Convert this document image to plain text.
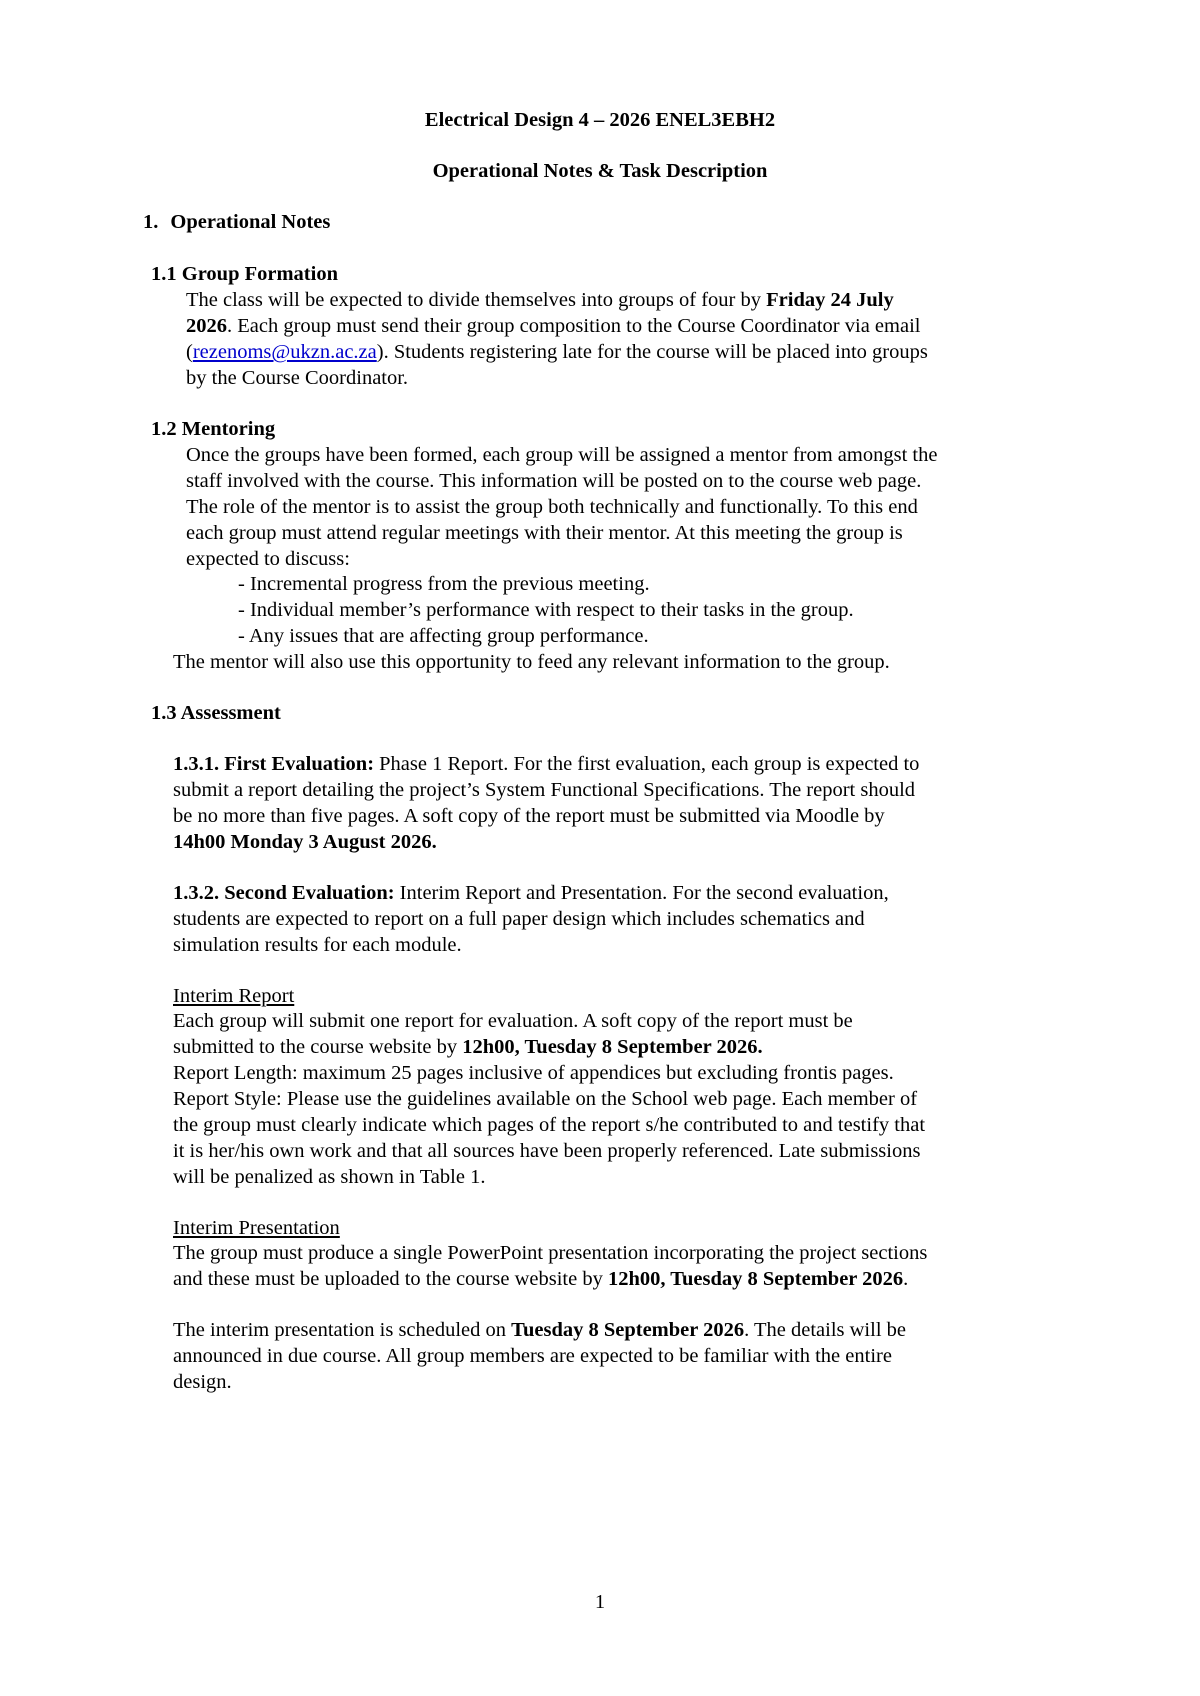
Electrical Design 4 – 2026 ENEL3EBH2
Operational Notes & Task Description
1. Operational Notes
1.1 Group Formation
The class will be expected to divide themselves into groups of four by Friday 24 July
2026. Each group must send their group composition to the Course Coordinator via email
(rezenoms@ukzn.ac.za). Students registering late for the course will be placed into groups
by the Course Coordinator.
1.2 Mentoring
Once the groups have been formed, each group will be assigned a mentor from amongst the
staff involved with the course. This information will be posted on to the course web page.
The role of the mentor is to assist the group both technically and functionally. To this end
each group must attend regular meetings with their mentor. At this meeting the group is
expected to discuss:
- Incremental progress from the previous meeting.
- Individual member’s performance with respect to their tasks in the group.
- Any issues that are affecting group performance.
The mentor will also use this opportunity to feed any relevant information to the group.
1.3 Assessment
1.3.1. First Evaluation: Phase 1 Report. For the first evaluation, each group is expected to
submit a report detailing the project’s System Functional Specifications. The report should
be no more than five pages. A soft copy of the report must be submitted via Moodle by
14h00 Monday 3 August 2026.
1.3.2. Second Evaluation: Interim Report and Presentation. For the second evaluation,
students are expected to report on a full paper design which includes schematics and
simulation results for each module.
Interim Report
Each group will submit one report for evaluation. A soft copy of the report must be
submitted to the course website by 12h00, Tuesday 8 September 2026.
Report Length: maximum 25 pages inclusive of appendices but excluding frontis pages.
Report Style: Please use the guidelines available on the School web page. Each member of
the group must clearly indicate which pages of the report s/he contributed to and testify that
it is her/his own work and that all sources have been properly referenced. Late submissions
will be penalized as shown in Table 1.
Interim Presentation
The group must produce a single PowerPoint presentation incorporating the project sections
and these must be uploaded to the course website by 12h00, Tuesday 8 September 2026.
The interim presentation is scheduled on Tuesday 8 September 2026. The details will be
announced in due course. All group members are expected to be familiar with the entire
design.
1
